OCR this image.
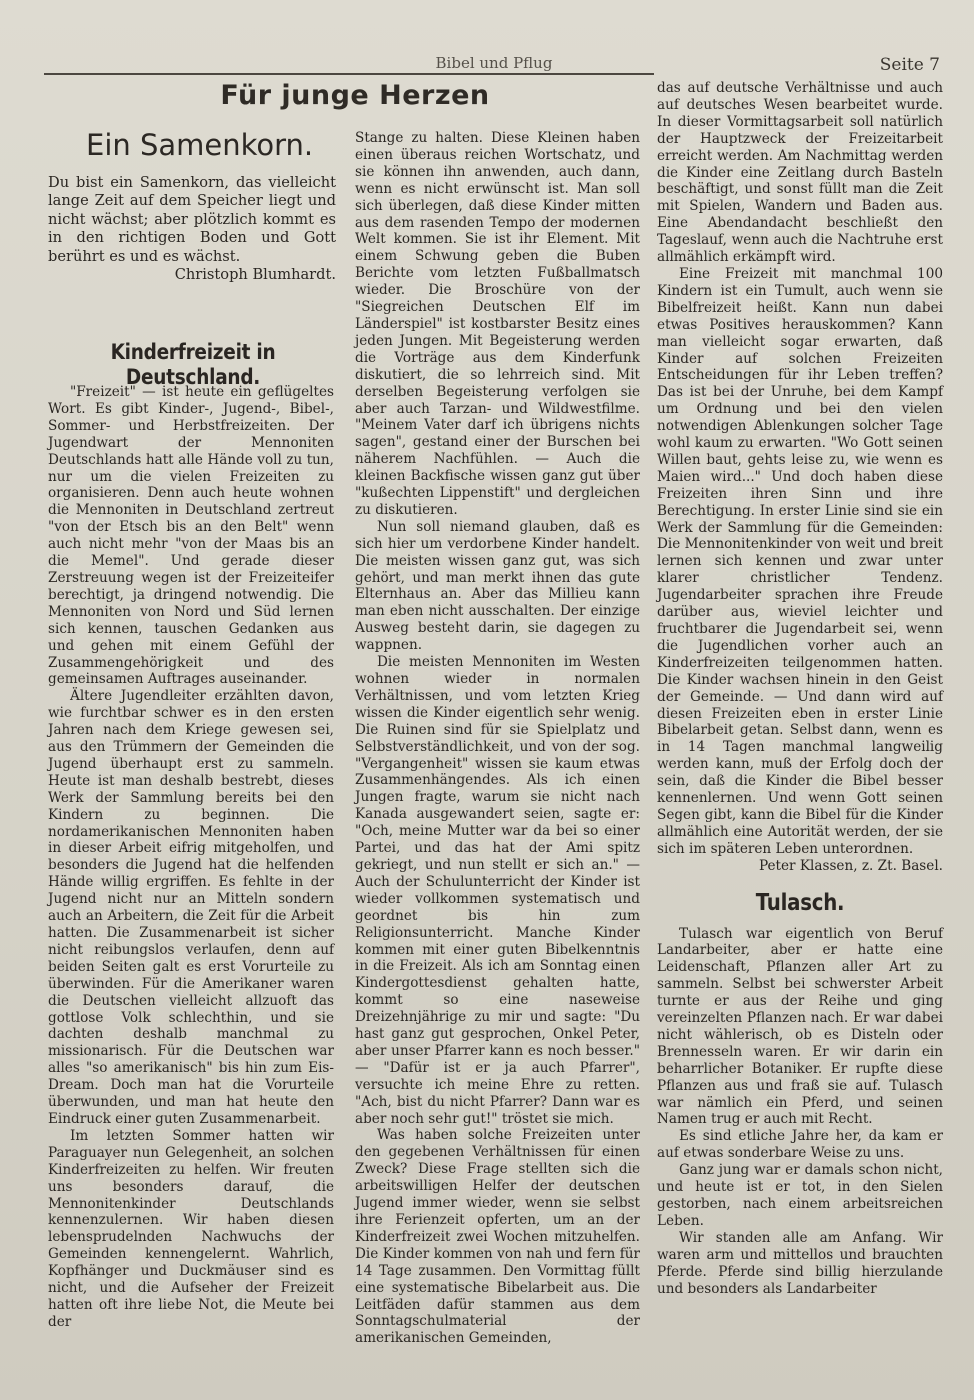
Bibel und Pflug	Seite 7
Für junge Herzen
Ein Samenkorn.
Du bist ein Samenkorn, das vielleicht lange Zeit auf dem Speicher liegt und nicht wächst; aber plötzlich kommt es in den richtigen Boden und Gott berührt es und es wächst.
Christoph Blumhardt.
Kinderfreizeit in Deutschland.

"Freizeit" — ist heute ein geflügeltes Wort. Es gibt Kinder-, Jugend-, Bibel-, Sommer- und Herbstfreizeiten. Der Jugendwart der Mennoniten Deutschlands hatt alle Hände voll zu tun, nur um die vielen Freizeiten zu organisieren. Denn auch heute wohnen die Mennoniten in Deutschland zertreut "von der Etsch bis an den Belt" wenn auch nicht mehr "von der Maas bis an die Memel". Und gerade dieser Zerstreuung wegen ist der Freizeiteifer berechtigt, ja dringend notwendig. Die Mennoniten von Nord und Süd lernen sich kennen, tauschen Gedanken aus und gehen mit einem Gefühl der Zusammengehörigkeit und des gemeinsamen Auftrages auseinander.

Ältere Jugendleiter erzählten davon, wie furchtbar schwer es in den ersten Jahren nach dem Kriege gewesen sei, aus den Trümmern der Gemeinden die Jugend überhaupt erst zu sammeln. Heute ist man deshalb bestrebt, dieses Werk der Sammlung bereits bei den Kindern zu beginnen. Die nordamerikanischen Mennoniten haben in dieser Arbeit eifrig mitgeholfen, und besonders die Jugend hat die helfenden Hände willig ergriffen. Es fehlte in der Jugend nicht nur an Mitteln sondern auch an Arbeitern, die Zeit für die Arbeit hatten. Die Zusammenarbeit ist sicher nicht reibungslos verlaufen, denn auf beiden Seiten galt es erst Vorurteile zu überwinden. Für die Amerikaner waren die Deutschen vielleicht allzuoft das gottlose Volk schlechthin, und sie dachten deshalb manchmal zu missionarisch. Für die Deutschen war alles "so amerikanisch" bis hin zum Eis-Dream. Doch man hat die Vorurteile überwunden, und man hat heute den Eindruck einer guten Zusammenarbeit.

Im letzten Sommer hatten wir Paraguayer nun Gelegenheit, an solchen Kinderfreizeiten zu helfen. Wir freuten uns besonders darauf, die Mennonitenkinder Deutschlands kennenzulernen. Wir haben diesen lebensprudelnden Nachwuchs der Gemeinden kennengelernt. Wahrlich, Kopfhänger und Duckmäuser sind es nicht, und die Aufseher der Freizeit hatten oft ihre liebe Not, die Meute bei der

Stange zu halten. Diese Kleinen haben einen überaus reichen Wortschatz, und sie können ihn anwenden, auch dann, wenn es nicht erwünscht ist. Man soll sich überlegen, daß diese Kinder mitten aus dem rasenden Tempo der modernen Welt kommen. Sie ist ihr Element. Mit einem Schwung geben die Buben Berichte vom letzten Fußballmatsch wieder. Die Broschüre von der "Siegreichen Deutschen Elf im Länderspiel" ist kostbarster Besitz eines jeden Jungen. Mit Begeisterung werden die Vorträge aus dem Kinderfunk diskutiert, die so lehrreich sind. Mit derselben Begeisterung verfolgen sie aber auch Tarzan- und Wildwestfilme. "Meinem Vater darf ich übrigens nichts sagen", gestand einer der Burschen bei näherem Nachfühlen. — Auch die kleinen Backfische wissen ganz gut über "kußechten Lippenstift" und dergleichen zu diskutieren.

Nun soll niemand glauben, daß es sich hier um verdorbene Kinder handelt. Die meisten wissen ganz gut, was sich gehört, und man merkt ihnen das gute Elternhaus an. Aber das Millieu kann man eben nicht ausschalten. Der einzige Ausweg besteht darin, sie dagegen zu wappnen.

Die meisten Mennoniten im Westen wohnen wieder in normalen Verhältnissen, und vom letzten Krieg wissen die Kinder eigentlich sehr wenig. Die Ruinen sind für sie Spielplatz und Selbstverständlichkeit, und von der sog. "Vergangenheit" wissen sie kaum etwas Zusammenhängendes. Als ich einen Jungen fragte, warum sie nicht nach Kanada ausgewandert seien, sagte er: "Och, meine Mutter war da bei so einer Partei, und das hat der Ami spitz gekriegt, und nun stellt er sich an." — Auch der Schulunterricht der Kinder ist wieder vollkommen systematisch und geordnet bis hin zum Religionsunterricht. Manche Kinder kommen mit einer guten Bibelkenntnis in die Freizeit. Als ich am Sonntag einen Kindergottesdienst gehalten hatte, kommt so eine naseweise Dreizehnjährige zu mir und sagte: "Du hast ganz gut gesprochen, Onkel Peter, aber unser Pfarrer kann es noch besser." — "Dafür ist er ja auch Pfarrer", versuchte ich meine Ehre zu retten. "Ach, bist du nicht Pfarrer? Dann war es aber noch sehr gut!" tröstet sie mich.

Was haben solche Freizeiten unter den gegebenen Verhältnissen für einen Zweck? Diese Frage stellten sich die arbeitswilligen Helfer der deutschen Jugend immer wieder, wenn sie selbst ihre Ferienzeit opferten, um an der Kinderfreizeit zwei Wochen mitzuhelfen. Die Kinder kommen von nah und fern für 14 Tage zusammen. Den Vormittag füllt eine systematische Bibelarbeit aus. Die Leitfäden dafür stammen aus dem Sonntagschulmaterial der amerikanischen Gemeinden,

das auf deutsche Verhältnisse und auch auf deutsches Wesen bearbeitet wurde. In dieser Vormittagsarbeit soll natürlich der Hauptzweck der Freizeitarbeit erreicht werden. Am Nachmittag werden die Kinder eine Zeitlang durch Basteln beschäftigt, und sonst füllt man die Zeit mit Spielen, Wandern und Baden aus. Eine Abendandacht beschließt den Tageslauf, wenn auch die Nachtruhe erst allmählich erkämpft wird.

Eine Freizeit mit manchmal 100 Kindern ist ein Tumult, auch wenn sie Bibelfreizeit heißt. Kann nun dabei etwas Positives herauskommen? Kann man vielleicht sogar erwarten, daß Kinder auf solchen Freizeiten Entscheidungen für ihr Leben treffen? Das ist bei der Unruhe, bei dem Kampf um Ordnung und bei den vielen notwendigen Ablenkungen solcher Tage wohl kaum zu erwarten. "Wo Gott seinen Willen baut, gehts leise zu, wie wenn es Maien wird..." Und doch haben diese Freizeiten ihren Sinn und ihre Berechtigung. In erster Linie sind sie ein Werk der Sammlung für die Gemeinden: Die Mennonitenkinder von weit und breit lernen sich kennen und zwar unter klarer christlicher Tendenz. Jugendarbeiter sprachen ihre Freude darüber aus, wieviel leichter und fruchtbarer die Jugendarbeit sei, wenn die Jugendlichen vorher auch an Kinderfreizeiten teilgenommen hatten. Die Kinder wachsen hinein in den Geist der Gemeinde. — Und dann wird auf diesen Freizeiten eben in erster Linie Bibelarbeit getan. Selbst dann, wenn es in 14 Tagen manchmal langweilig werden kann, muß der Erfolg doch der sein, daß die Kinder die Bibel besser kennenlernen. Und wenn Gott seinen Segen gibt, kann die Bibel für die Kinder allmählich eine Autorität werden, der sie sich im späteren Leben unterordnen.

Peter Klassen, z. Zt. Basel.

Tulasch.

Tulasch war eigentlich von Beruf Landarbeiter, aber er hatte eine Leidenschaft, Pflanzen aller Art zu sammeln. Selbst bei schwerster Arbeit turnte er aus der Reihe und ging vereinzelten Pflanzen nach. Er war dabei nicht wählerisch, ob es Disteln oder Brennesseln waren. Er wir darin ein beharrlicher Botaniker. Er rupfte diese Pflanzen aus und fraß sie auf. Tulasch war nämlich ein Pferd, und seinen Namen trug er auch mit Recht.

Es sind etliche Jahre her, da kam er auf etwas sonderbare Weise zu uns.

Ganz jung war er damals schon nicht, und heute ist er tot, in den Sielen gestorben, nach einem arbeitsreichen Leben.

Wir standen alle am Anfang. Wir waren arm und mittellos und brauchten Pferde. Pferde sind billig hierzulande und besonders als Landarbeiter
